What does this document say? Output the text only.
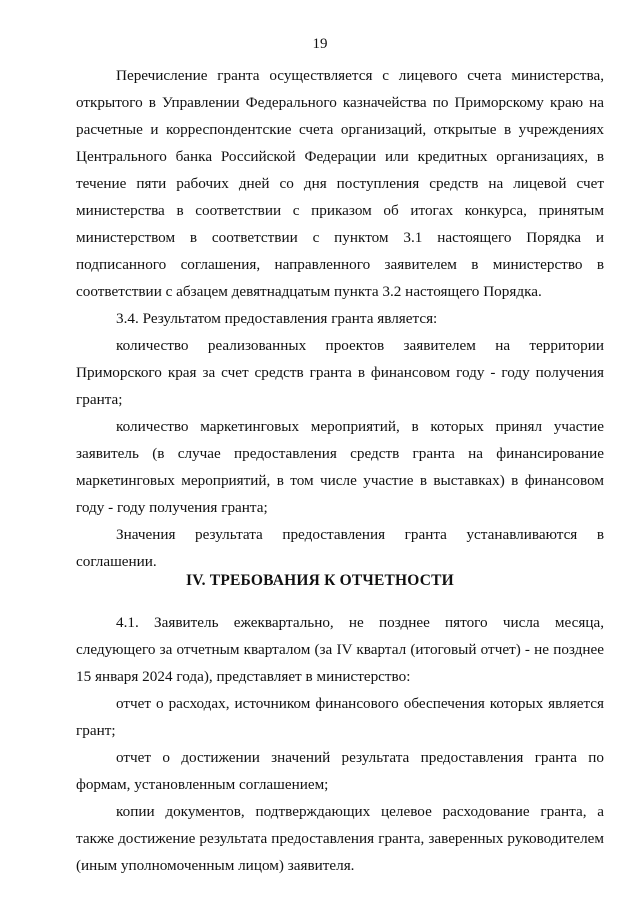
19
Перечисление гранта осуществляется с лицевого счета министерства,
открытого в Управлении Федерального казначейства по Приморскому краю на
расчетные и корреспондентские счета организаций, открытые в учреждениях
Центрального банка Российской Федерации или кредитных организациях, в
течение пяти рабочих дней со дня поступления средств на лицевой счет
министерства в соответствии с приказом об итогах конкурса, принятым
министерством в соответствии с пунктом 3.1 настоящего Порядка и
подписанного соглашения, направленного заявителем в министерство в
соответствии с абзацем девятнадцатым пункта 3.2 настоящего Порядка.
3.4. Результатом предоставления гранта является:
количество реализованных проектов заявителем на территории
Приморского края за счет средств гранта в финансовом году - году получения
гранта;
количество маркетинговых мероприятий, в которых принял участие
заявитель (в случае предоставления средств гранта на финансирование
маркетинговых мероприятий, в том числе участие в выставках) в финансовом
году - году получения гранта;
Значения результата предоставления гранта устанавливаются в
соглашении.
IV. ТРЕБОВАНИЯ К ОТЧЕТНОСТИ
4.1. Заявитель ежеквартально, не позднее пятого числа месяца,
следующего за отчетным кварталом (за IV квартал (итоговый отчет) - не позднее
15 января 2024 года), представляет в министерство:
отчет о расходах, источником финансового обеспечения которых является
грант;
отчет о достижении значений результата предоставления гранта по
формам, установленным соглашением;
копии документов, подтверждающих целевое расходование гранта, а
также достижение результата предоставления гранта, заверенных руководителем
(иным уполномоченным лицом) заявителя.
